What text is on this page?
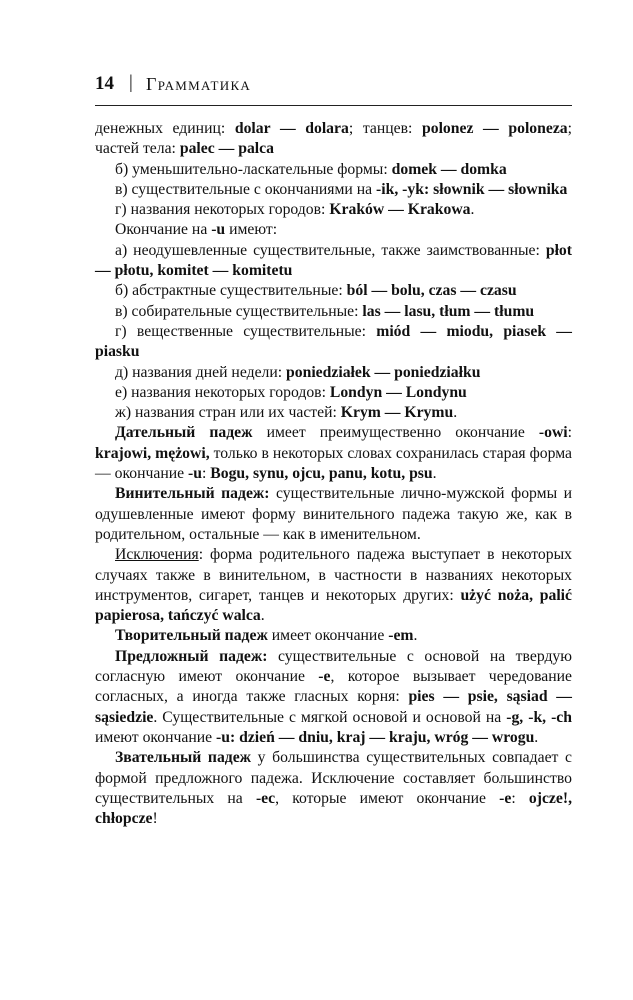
14 | Грамматика

денежных единиц: dolar — dolara; танцев: polonez — poloneza; частей тела: palec — palca

б) уменьшительно-ласкательные формы: domek — domka

в) существительные с окончаниями на -ik, -yk: słownik — słownika

г) названия некоторых городов: Kraków — Krakowa.

Окончание на -u имеют:

а) неодушевленные существительные, также заимствованные: płot — płotu, komitet — komitetu

б) абстрактные существительные: ból — bolu, czas — czasu

в) собирательные существительные: las — lasu, tłum — tłumu

г) вещественные существительные: miód — miodu, piasek — piasku

д) названия дней недели: poniedziałek — poniedziałku

е) названия некоторых городов: Londyn — Londynu

ж) названия стран или их частей: Krym — Krymu.

Дательный падеж имеет преимущественно окончание -owi: krajowi, mężowi, только в некоторых словах сохранилась старая форма — окончание -u: Bogu, synu, ojcu, panu, kotu, psu.

Винительный падеж: существительные лично-мужской формы и одушевленные имеют форму винительного падежа такую же, как в родительном, остальные — как в именительном.

Исключения: форма родительного падежа выступает в некоторых случаях также в винительном, в частности в названиях некоторых инструментов, сигарет, танцев и некоторых других: użyć noża, palić papierosa, tańczyć walca.

Творительный падеж имеет окончание -em.

Предложный падеж: существительные с основой на твердую согласную имеют окончание -e, которое вызывает чередование согласных, а иногда также гласных корня: pies — psie, sąsiad — sąsiedzie. Существительные с мягкой основой и основой на -g, -k, -ch имеют окончание -u: dzień — dniu, kraj — kraju, wróg — wrogu.

Звательный падеж у большинства существительных совпадает с формой предложного падежа. Исключение составляет большинство существительных на -ec, которые имеют окончание -e: ojcze!, chłopcze!
